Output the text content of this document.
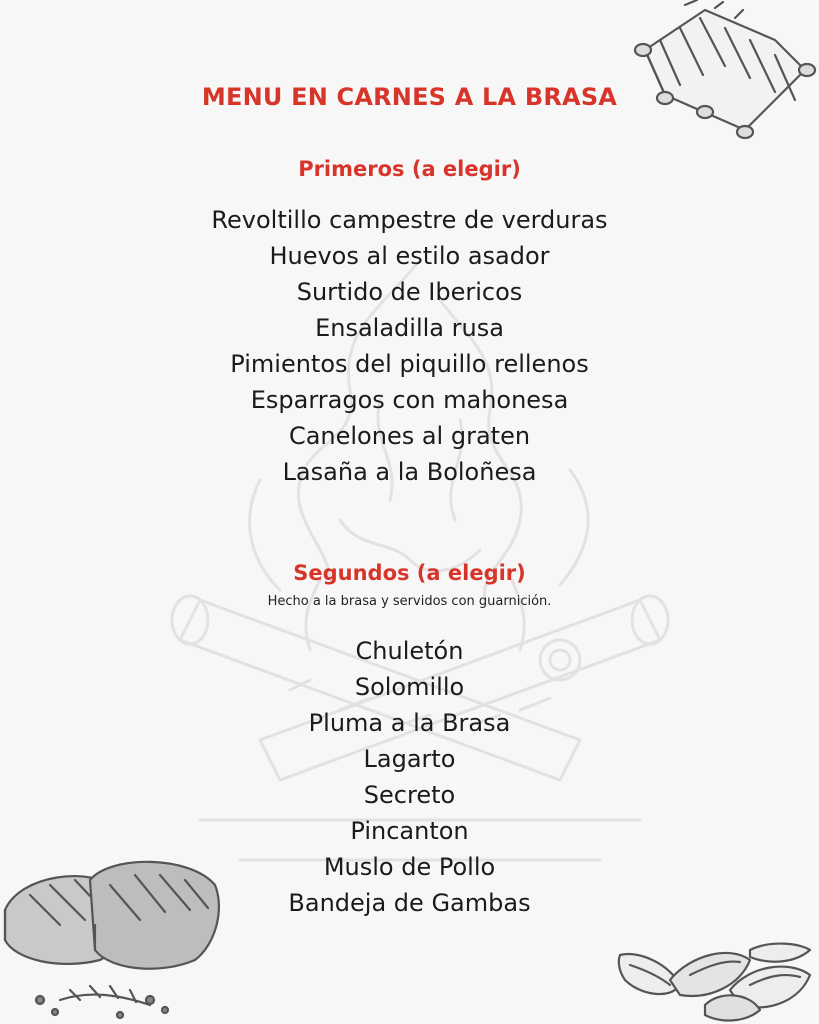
MENU EN CARNES A LA BRASA
Primeros (a elegir)
Revoltillo campestre de verduras
Huevos al estilo asador
Surtido de Ibericos
Ensaladilla rusa
Pimientos del piquillo rellenos
Esparragos con mahonesa
Canelones al graten
Lasaña a la Boloñesa
Segundos (a elegir)
Hecho a la brasa y servidos con guarnición.
Chuletón
Solomillo
Pluma a la Brasa
Lagarto
Secreto
Pincanton
Muslo de Pollo
Bandeja de Gambas
